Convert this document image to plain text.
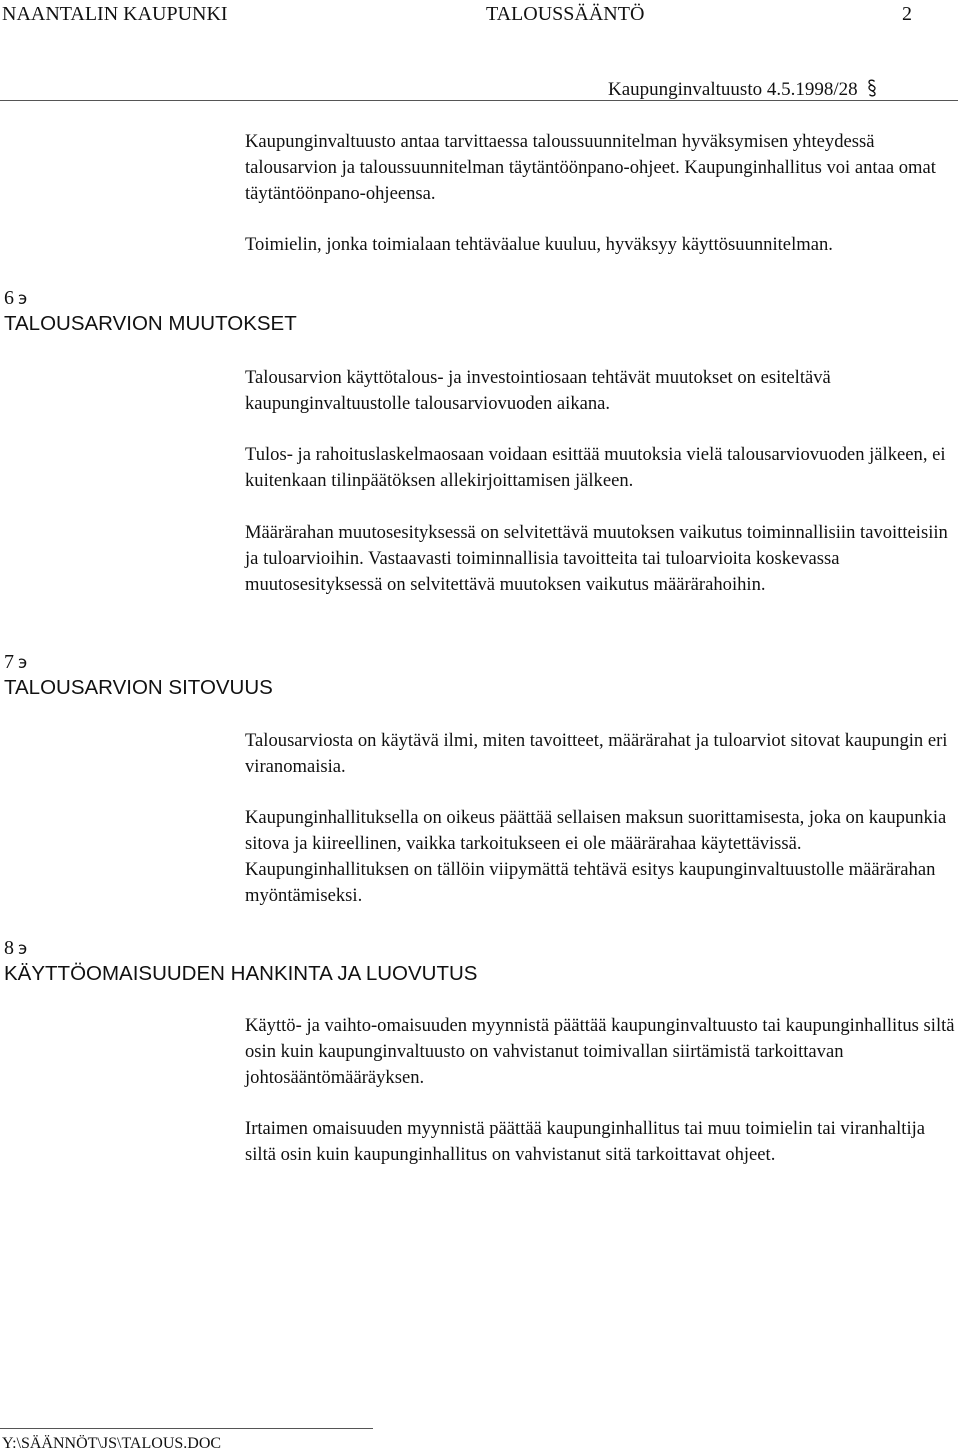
NAANTALIN KAUPUNKI	TALOUSSÄÄNTÖ	2
Kaupunginvaltuusto 4.5.1998/28

Kaupunginvaltuusto antaa tarvittaessa taloussuunnitelman hyväksymisen yhteydessä talousarvion ja taloussuunnitelman täytäntöönpano-ohjeet. Kaupunginhallitus voi antaa omat täytäntöönpano-ohjeensa.

Toimielin, jonka toimialaan tehtäväalue kuuluu, hyväksyy käyttösuunnitelman.

6 э
TALOUSARVION MUUTOKSET

Talousarvion käyttötalous- ja investointiosaan tehtävät muutokset on esiteltävä kaupunginvaltuustolle talousarviovuoden aikana.

Tulos- ja rahoituslaskelmaosaan voidaan esittää muutoksia vielä talousarviovuoden jälkeen, ei kuitenkaan tilinpäätöksen allekirjoittamisen jälkeen.

Määrärahan muutosesityksessä on selvitettävä muutoksen vaikutus toiminnallisiin tavoitteisiin ja tuloarvioihin. Vastaavasti toiminnallisia tavoitteita tai tuloarvioita koskevassa muutosesityksessä on selvitettävä muutoksen vaikutus määrärahoihin.

7 э
TALOUSARVION SITOVUUS

Talousarviosta on käytävä ilmi, miten tavoitteet, määrärahat ja tuloarviot sitovat kaupungin eri viranomaisia.

Kaupunginhallituksella on oikeus päättää sellaisen maksun suorittamisesta, joka on kaupunkia sitova ja kiireellinen, vaikka tarkoitukseen ei ole määrärahaa käytettävissä. Kaupunginhallituksen on tällöin viipymättä tehtävä esitys kaupunginvaltuustolle määrärahan myöntämiseksi.

8 э
KÄYTTÖOMAISUUDEN HANKINTA JA LUOVUTUS

Käyttö- ja vaihto-omaisuuden myynnistä päättää kaupunginvaltuusto tai kaupunginhallitus siltä osin kuin kaupunginvaltuusto on vahvistanut toimivallan siirtämistä tarkoittavan johtosääntömääräyksen.

Irtaimen omaisuuden myynnistä päättää kaupunginhallitus tai muu toimielin tai viranhaltija siltä osin kuin kaupunginhallitus on vahvistanut sitä tarkoittavat ohjeet.

Y:\SÄÄNNÖT\JS\TALOUS.DOC
